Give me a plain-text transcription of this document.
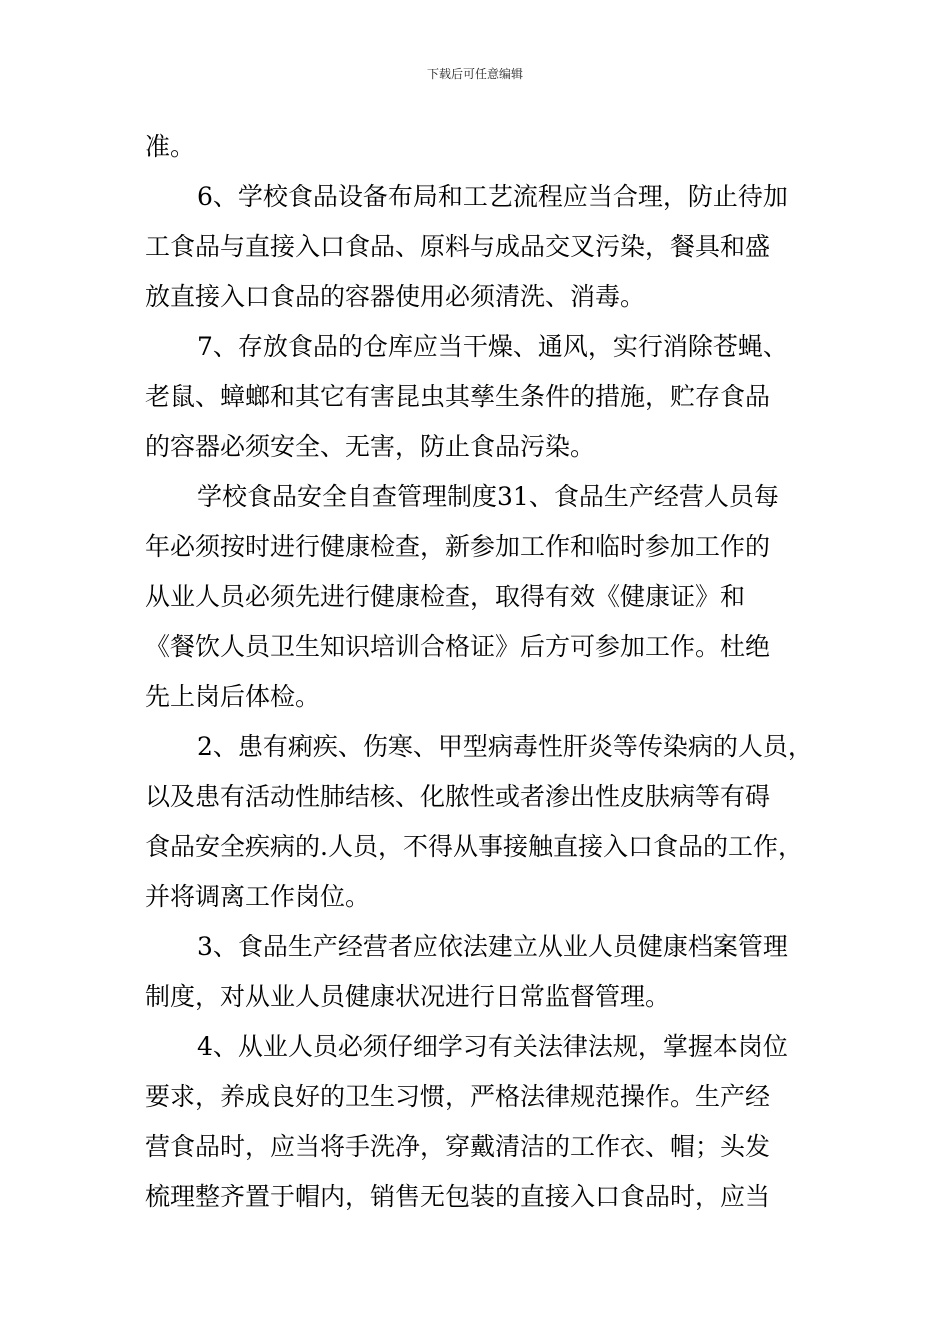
下载后可任意编辑
准。
6、学校食品设备布局和工艺流程应当合理，防止待加
工食品与直接入口食品、原料与成品交叉污染，餐具和盛
放直接入口食品的容器使用必须清洗、消毒。
7、存放食品的仓库应当干燥、通风，实行消除苍蝇、
老鼠、蟑螂和其它有害昆虫其孳生条件的措施，贮存食品
的容器必须安全、无害，防止食品污染。
学校食品安全自查管理制度31、食品生产经营人员每
年必须按时进行健康检查，新参加工作和临时参加工作的
从业人员必须先进行健康检查，取得有效《健康证》和
《餐饮人员卫生知识培训合格证》后方可参加工作。杜绝
先上岗后体检。
2、患有痢疾、伤寒、甲型病毒性肝炎等传染病的人员，
以及患有活动性肺结核、化脓性或者渗出性皮肤病等有碍
食品安全疾病的.人员，不得从事接触直接入口食品的工作，
并将调离工作岗位。
3、食品生产经营者应依法建立从业人员健康档案管理
制度，对从业人员健康状况进行日常监督管理。
4、从业人员必须仔细学习有关法律法规，掌握本岗位
要求，养成良好的卫生习惯，严格法律规范操作。生产经
营食品时，应当将手洗净，穿戴清洁的工作衣、帽；头发
梳理整齐置于帽内，销售无包装的直接入口食品时，应当
